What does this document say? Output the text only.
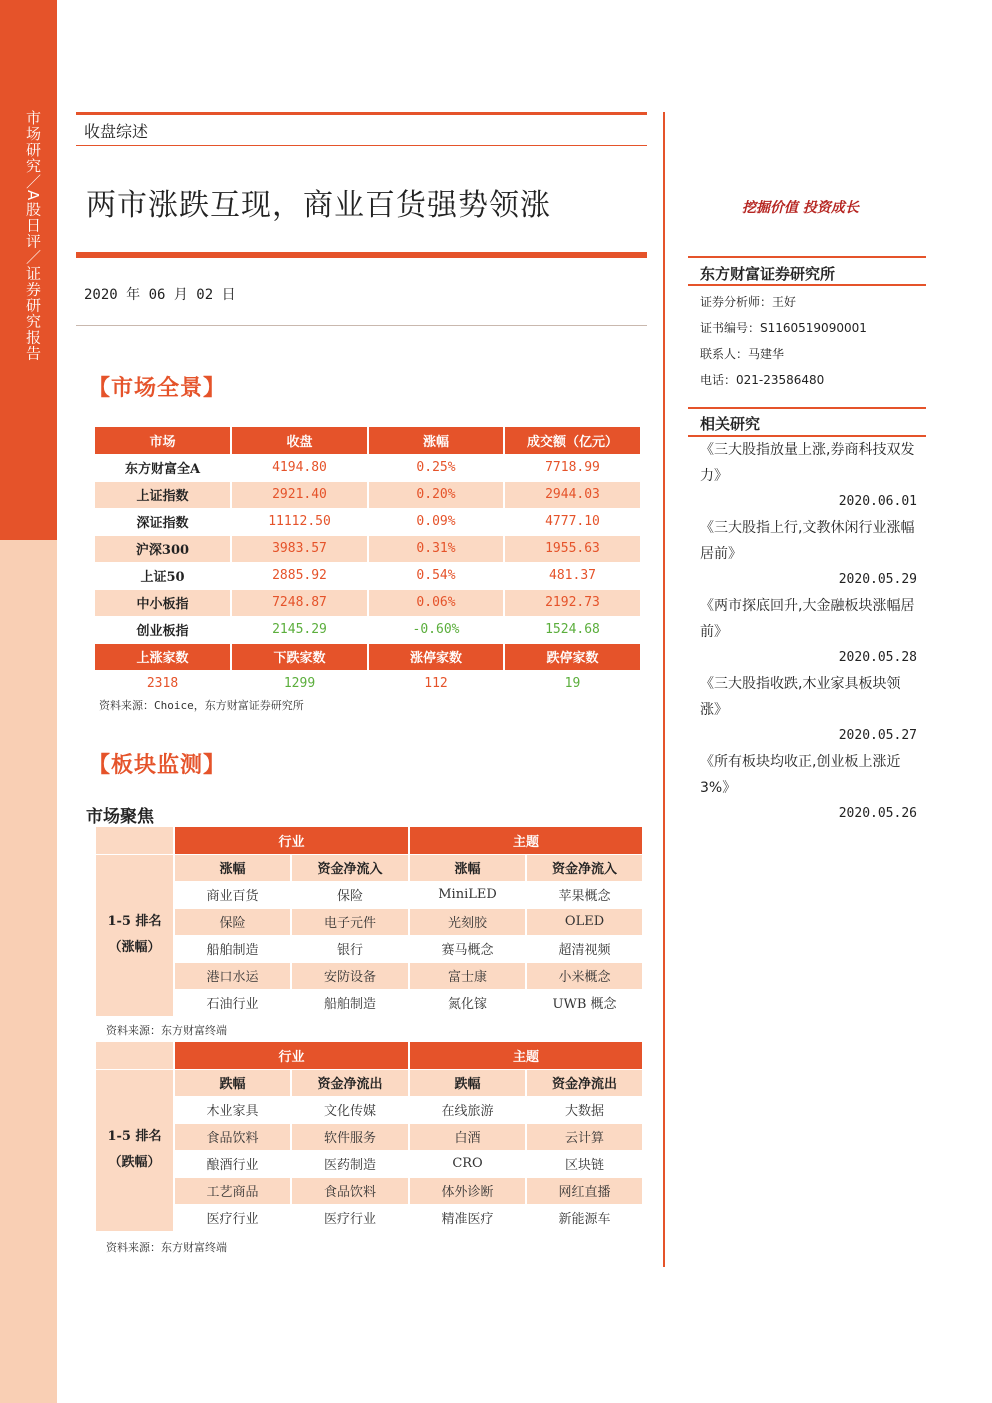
市场研究／A股日评／证券研究报告	收盘综述
两市涨跌互现，商业百货强势领涨
2020 年 06 月 02 日
【市场全景】
市场	收盘	涨幅	成交额（亿元）
东方财富全A	4194.80	0.25%	7718.99
上证指数	2921.40	0.20%	2944.03
深证指数	11112.50	0.09%	4777.10
沪深300	3983.57	0.31%	1955.63
上证50	2885.92	0.54%	481.37
中小板指	7248.87	0.06%	2192.73
创业板指	2145.29	-0.60%	1524.68
上涨家数	下跌家数	涨停家数	跌停家数
2318	1299	112	19
资料来源：Choice，东方财富证券研究所
【板块监测】
市场聚焦
	行业		主题	

1-5 排名
（涨幅）	涨幅	资金净流入	涨幅	资金净流入
	商业百货	保险	MiniLED	苹果概念
	保险	电子元件	光刻胶	OLED
	船舶制造	银行	赛马概念	超清视频
	港口水运	安防设备	富士康	小米概念
	石油行业	船舶制造	氮化镓	UWB 概念
资料来源：东方财富终端
	行业		主题	

1-5 排名
（跌幅）	跌幅	资金净流出	跌幅	资金净流出
	木业家具	文化传媒	在线旅游	大数据
	食品饮料	软件服务	白酒	云计算
	酿酒行业	医药制造	CRO	区块链
	工艺商品	食品饮料	体外诊断	网红直播
	医疗行业	医疗行业	精准医疗	新能源车
资料来源：东方财富终端
挖掘价值 投资成长
东方财富证券研究所
证券分析师：王好
证书编号：S1160519090001
联系人：马建华
电话：021-23586480
相关研究
《三大股指放量上涨,券商科技双发力》
2020.06.01
《三大股指上行,文教休闲行业涨幅居前》
2020.05.29
《两市探底回升,大金融板块涨幅居前》
2020.05.28
《三大股指收跌,木业家具板块领涨》
2020.05.27
《所有板块均收正,创业板上涨近3%》
2020.05.26
